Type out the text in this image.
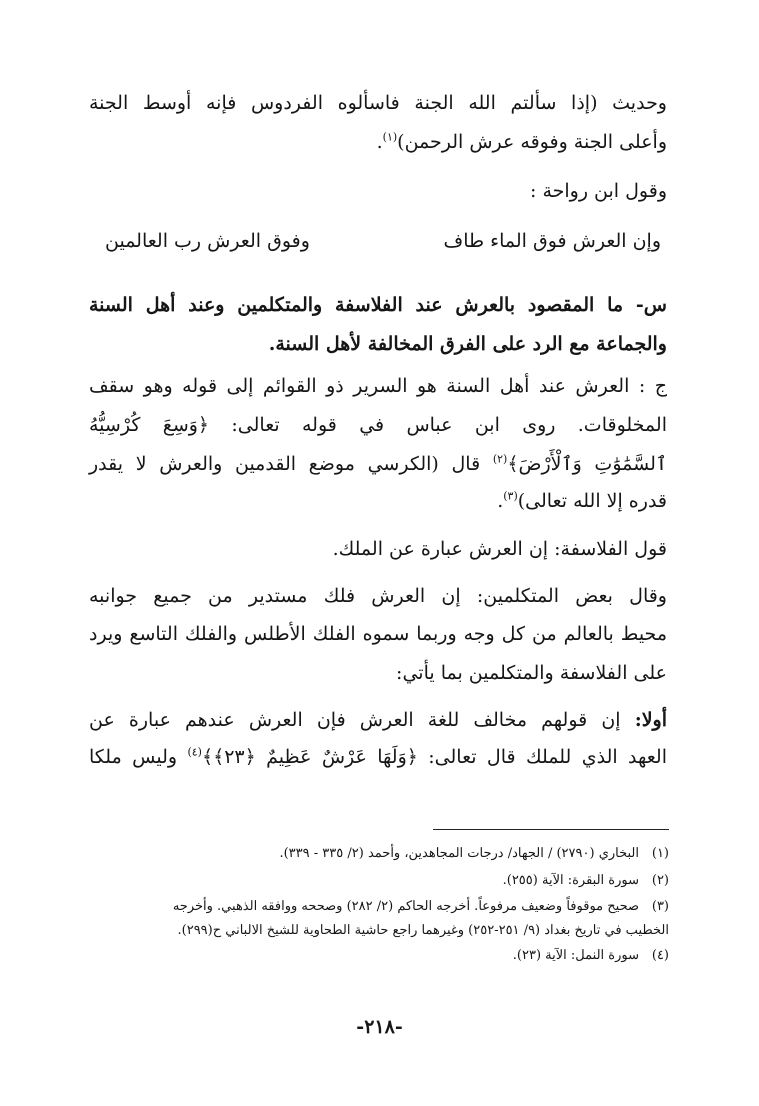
وحديث (إذا سألتم الله الجنة فاسألوه الفردوس فإنه أوسط الجنة
وأعلى الجنة وفوقه عرش الرحمن)$^{(١)}$.
وقول ابن رواحة :
وإن العرش فوق الماء طاف
وفوق العرش رب العالمين
س- ما المقصود بالعرش عند الفلاسفة والمتكلمين وعند أهل السنة
والجماعة مع الرد على الفرق المخالفة لأهل السنة.
ج : العرش عند أهل السنة هو السرير ذو القوائم إلى قوله وهو سقف
المخلوقات. روى ابن عباس في قوله تعالى: ﴿وَسِعَ كُرْسِيُّهُ
ٱلسَّمَٰوَٰتِ وَٱلْأَرْضَ﴾$^{(٢)}$ قال (الكرسي موضع القدمين والعرش لا يقدر
قدره إلا الله تعالى)$^{(٣)}$.
قول الفلاسفة: إن العرش عبارة عن الملك.
وقال بعض المتكلمين: إن العرش فلك مستدير من جميع جوانبه
محيط بالعالم من كل وجه وربما سموه الفلك الأطلس والفلك التاسع ويرد
على الفلاسفة والمتكلمين بما يأتي:
أولا: إن قولهم مخالف للغة العرش فإن العرش عندهم عبارة عن
العهد الذي للملك قال تعالى: ﴿وَلَهَا عَرْشٌ عَظِيمٌ ﴿٢٣﴾﴾$^{(٤)}$ وليس ملكا
(١)البخاري (٢٧٩٠) / الجهاد/ درجات المجاهدين، وأحمد (٢/ ٣٣٥ - ٣٣٩).
(٢)سورة البقرة: الآية (٢٥٥).
(٣)صحيح موقوفاً وضعيف مرفوعاً. أخرجه الحاكم (٢/ ٢٨٢) وصححه ووافقه الذهبي. وأخرجه
الخطيب في تاريخ بغداد (٩/ ٢٥١-٢٥٢) وغيرهما راجع حاشية الطحاوية للشيخ الالباني ح(٢٩٩).
(٤)سورة النمل: الآية (٢٣).
-٢١٨-
